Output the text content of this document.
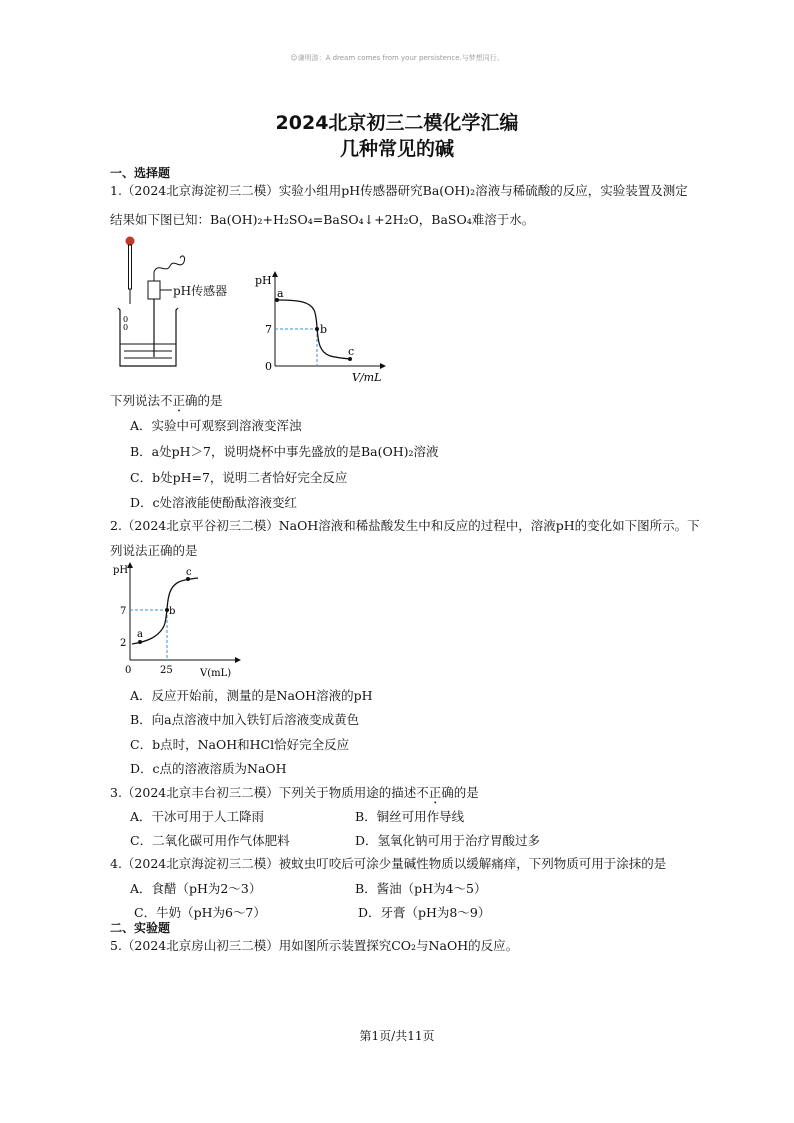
☺谦明游：A dream comes from your persistence.与梦想同行。
2024北京初三二模化学汇编
几种常见的碱
一、选择题
1.（2024北京海淀初三二模）实验小组用pH传感器研究Ba(OH)₂溶液与稀硫酸的反应，实验装置及测定
结果如下图已知：Ba(OH)₂+H₂SO₄=BaSO₄↓+2H₂O，BaSO₄难溶于水。
0
0
pH传感器
pH
V/mL
7
0
a
b
c
下列说法不正确的是
A．实验中可观察到溶液变浑浊
B．a处pH＞7，说明烧杯中事先盛放的是Ba(OH)₂溶液
C．b处pH=7，说明二者恰好完全反应
D．c处溶液能使酚酞溶液变红
2.（2024北京平谷初三二模）NaOH溶液和稀盐酸发生中和反应的过程中，溶液pH的变化如下图所示。下
列说法正确的是
pH
V(mL)
7
2
0	25
a
b
c
A．反应开始前，测量的是NaOH溶液的pH
B．向a点溶液中加入铁钉后溶液变成黄色
C．b点时，NaOH和HCl恰好完全反应
D．c点的溶液溶质为NaOH
3.（2024北京丰台初三二模）下列关于物质用途的描述不正确的是
A．干冰可用于人工降雨	B．铜丝可用作导线
C．二氧化碳可用作气体肥料	D．氢氧化钠可用于治疗胃酸过多
4.（2024北京海淀初三二模）被蚊虫叮咬后可涂少量碱性物质以缓解痛痒，下列物质可用于涂抹的是
A．食醋（pH为2～3）	B．酱油（pH为4～5）
C．牛奶（pH为6～7）	D．牙膏（pH为8～9）
二、实验题
5.（2024北京房山初三二模）用如图所示装置探究CO₂与NaOH的反应。
第1页/共11页
